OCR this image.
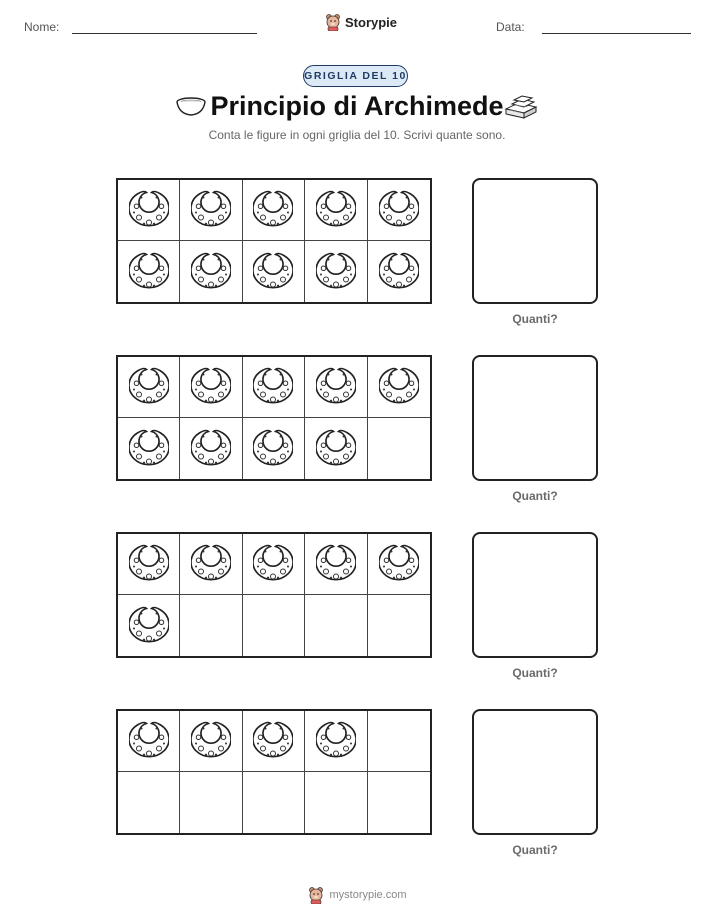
Nome:	Data:
Storypie
GRIGLIA DEL 10
Principio di Archimede
Conta le figure in ogni griglia del 10. Scrivi quante sono.
Quanti?
Quanti?
Quanti?
Quanti?
mystorypie.com
